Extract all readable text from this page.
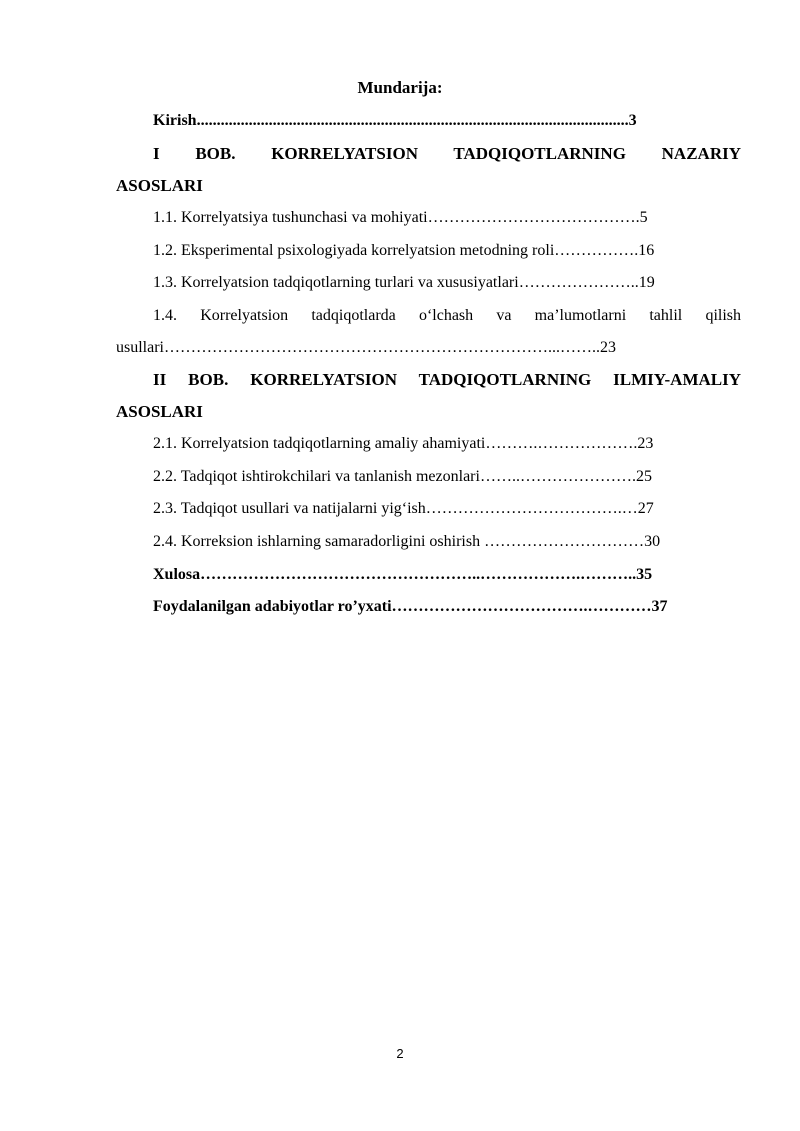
Mundarija:
Kirish............................................................................................................3
I BOB. KORRELYATSION TADQIQOTLARNING NAZARIY
ASOSLARI
1.1. Korrelyatsiya tushunchasi va mohiyati………………………………….5
1.2. Eksperimental psixologiyada korrelyatsion metodning roli…………….16
1.3. Korrelyatsion tadqiqotlarning turlari va xususiyatlari…………………..19
1.4. Korrelyatsion tadqiqotlarda o‘lchash va ma’lumotlarni tahlil qilish
usullari………………………………………………………………...……..23
II BOB. KORRELYATSION TADQIQOTLARNING ILMIY-AMALIY
ASOSLARI
2.1. Korrelyatsion tadqiqotlarning amaliy ahamiyati……….……………….23
2.2. Tadqiqot ishtirokchilari va tanlanish mezonlari……..………………….25
2.3. Tadqiqot usullari va natijalarni yig‘ish……………………………….…27
2.4. Korreksion ishlarning samaradorligini oshirish …………………………30
Xulosa……………………………………………..……………….………..35
Foydalanilgan adabiyotlar ro’yxati……………………………….…………37
2
